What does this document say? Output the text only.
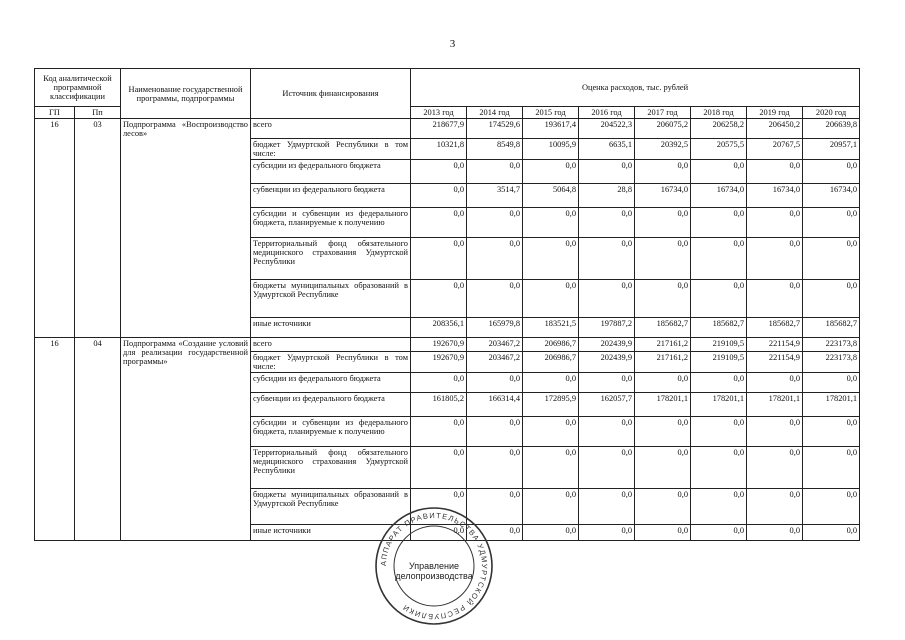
3
Код аналитической программной классификации		Наименование государственной программы, подпрограммы	Источник финансирования	Оценка расходов, тыс. рублей							
ГП	Пп			2013 год	2014 год	2015 год	2016 год	2017 год	2018 год	2019 год	2020 год
16	03	Подпрограмма «Воспроизводство лесов»	всего	218677,9	174529,6	193617,4	204522,3	206075,2	206258,2	206450,2	206639,8
			бюджет Удмуртской Республики в том числе:	10321,8	8549,8	10095,9	6635,1	20392,5	20575,5	20767,5	20957,1
			субсидии из федерального бюджета	0,0	0,0	0,0	0,0	0,0	0,0	0,0	0,0
			субвенции из федерального бюджета	0,0	3514,7	5064,8	28,8	16734,0	16734,0	16734,0	16734,0
			субсидии и субвенции из федерального бюджета, планируемые к получению	0,0	0,0	0,0	0,0	0,0	0,0	0,0	0,0
			Территориальный фонд обязательного медицинского страхования Удмуртской Республики	0,0	0,0	0,0	0,0	0,0	0,0	0,0	0,0
			бюджеты муниципальных образований в Удмуртской Республике	0,0	0,0	0,0	0,0	0,0	0,0	0,0	0,0
			иные источники	208356,1	165979,8	183521,5	197887,2	185682,7	185682,7	185682,7	185682,7
16	04	Подпрограмма «Создание условий для реализации государственной программы»	всего	192670,9	203467,2	206986,7	202439,9	217161,2	219109,5	221154,9	223173,8
			бюджет Удмуртской Республики в том числе:	192670,9	203467,2	206986,7	202439,9	217161,2	219109,5	221154,9	223173,8
			субсидии из федерального бюджета	0,0	0,0	0,0	0,0	0,0	0,0	0,0	0,0
			субвенции из федерального бюджета	161805,2	166314,4	172895,9	162057,7	178201,1	178201,1	178201,1	178201,1
			субсидии и субвенции из федерального бюджета, планируемые к получению	0,0	0,0	0,0	0,0	0,0	0,0	0,0	0,0
			Территориальный фонд обязательного медицинского страхования Удмуртской Республики	0,0	0,0	0,0	0,0	0,0	0,0	0,0	0,0
			бюджеты муниципальных образований в Удмуртской Республике	0,0	0,0	0,0	0,0	0,0	0,0	0,0	0,0
			иные источники	0,0	0,0	0,0	0,0	0,0	0,0	0,0	0,0
АППАРАТ ПРАВИТЕЛЬСТВА УДМУРТСКОЙ РЕСПУБЛИКИ
Управление делопроизводства
